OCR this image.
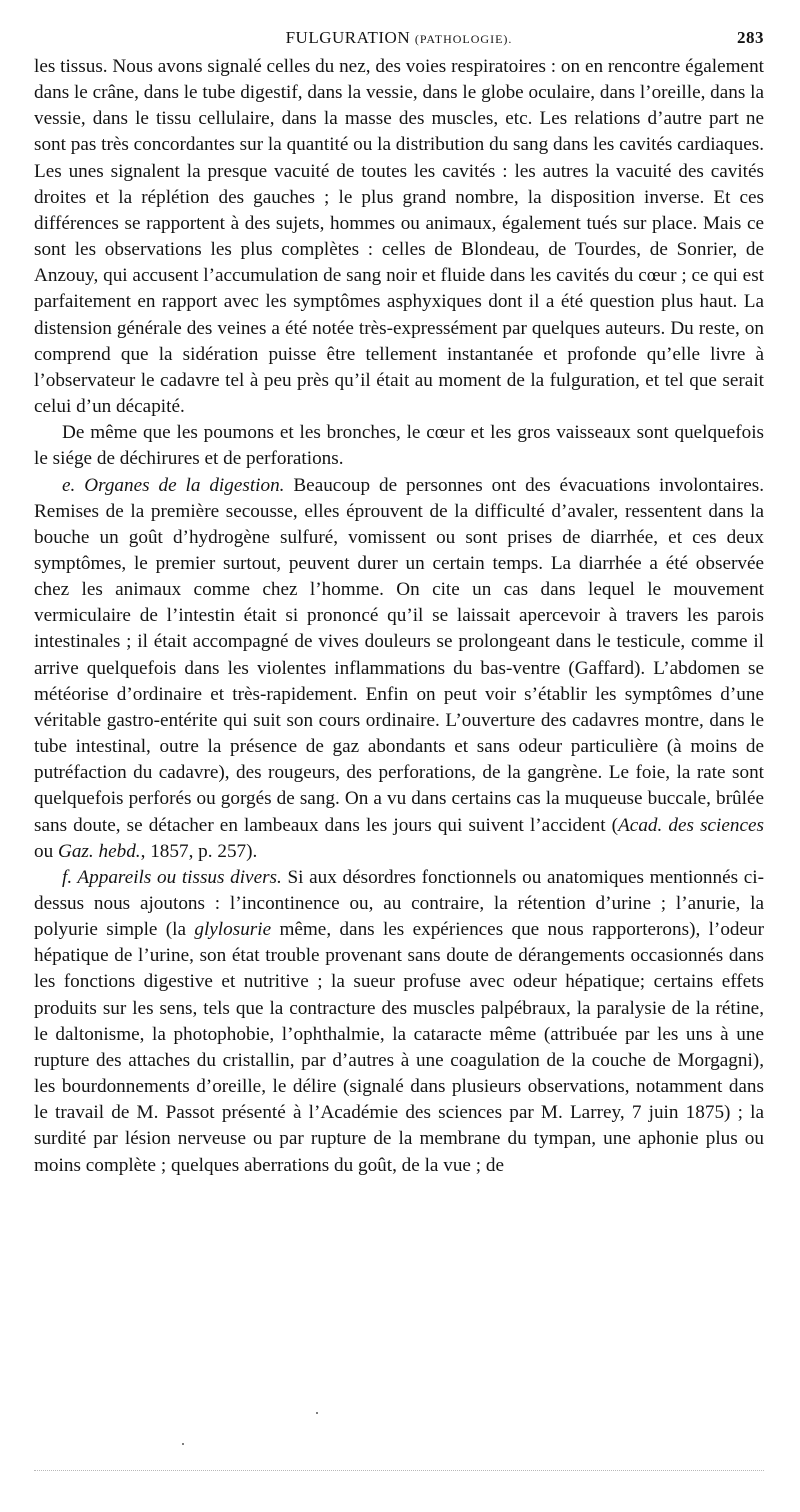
FULGURATION (PATHOLOGIE).	283

les tissus. Nous avons signalé celles du nez, des voies respiratoires : on en rencontre également dans le crâne, dans le tube digestif, dans la vessie, dans le globe oculaire, dans l’oreille, dans la vessie, dans le tissu cellulaire, dans la masse des muscles, etc. Les relations d’autre part ne sont pas très concordantes sur la quantité ou la distribution du sang dans les cavités cardiaques. Les unes signalent la presque vacuité de toutes les cavités : les autres la vacuité des cavités droites et la réplétion des gauches ; le plus grand nombre, la disposition inverse. Et ces différences se rapportent à des sujets, hommes ou animaux, également tués sur place. Mais ce sont les observations les plus complètes : celles de Blondeau, de Tourdes, de Sonrier, de Anzouy, qui accusent l’accumulation de sang noir et fluide dans les cavités du cœur ; ce qui est parfaitement en rapport avec les symptômes asphyxiques dont il a été question plus haut. La distension générale des veines a été notée très-expressément par quelques auteurs. Du reste, on comprend que la sidération puisse être tellement instantanée et profonde qu’elle livre à l’observateur le cadavre tel à peu près qu’il était au moment de la fulguration, et tel que serait celui d’un décapité.

De même que les poumons et les bronches, le cœur et les gros vaisseaux sont quelquefois le siége de déchirures et de perforations.

e. Organes de la digestion. Beaucoup de personnes ont des évacuations involontaires. Remises de la première secousse, elles éprouvent de la difficulté d’avaler, ressentent dans la bouche un goût d’hydrogène sulfuré, vomissent ou sont prises de diarrhée, et ces deux symptômes, le premier surtout, peuvent durer un certain temps. La diarrhée a été observée chez les animaux comme chez l’homme. On cite un cas dans lequel le mouvement vermiculaire de l’intestin était si prononcé qu’il se laissait apercevoir à travers les parois intestinales ; il était accompagné de vives douleurs se prolongeant dans le testicule, comme il arrive quelquefois dans les violentes inflammations du bas-ventre (Gaffard). L’abdomen se météorise d’ordinaire et très-rapidement. Enfin on peut voir s’établir les symptômes d’une véritable gastro-entérite qui suit son cours ordinaire. L’ouverture des cadavres montre, dans le tube intestinal, outre la présence de gaz abondants et sans odeur particulière (à moins de putréfaction du cadavre), des rougeurs, des perforations, de la gangrène. Le foie, la rate sont quelquefois perforés ou gorgés de sang. On a vu dans certains cas la muqueuse buccale, brûlée sans doute, se détacher en lambeaux dans les jours qui suivent l’accident (Acad. des sciences ou Gaz. hebd., 1857, p. 257).

f. Appareils ou tissus divers. Si aux désordres fonctionnels ou anatomiques mentionnés ci-dessus nous ajoutons : l’incontinence ou, au contraire, la rétention d’urine ; l’anurie, la polyurie simple (la glylosurie même, dans les expériences que nous rapporterons), l’odeur hépatique de l’urine, son état trouble provenant sans doute de dérangements occasionnés dans les fonctions digestive et nutritive ; la sueur profuse avec odeur hépatique; certains effets produits sur les sens, tels que la contracture des muscles palpébraux, la paralysie de la rétine, le daltonisme, la photophobie, l’ophthalmie, la cataracte même (attribuée par les uns à une rupture des attaches du cristallin, par d’autres à une coagulation de la couche de Morgagni), les bourdonnements d’oreille, le délire (signalé dans plusieurs observations, notamment dans le travail de M. Passot présenté à l’Académie des sciences par M. Larrey, 7 juin 1875) ; la surdité par lésion nerveuse ou par rupture de la membrane du tympan, une aphonie plus ou moins complète ; quelques aberrations du goût, de la vue ; de
